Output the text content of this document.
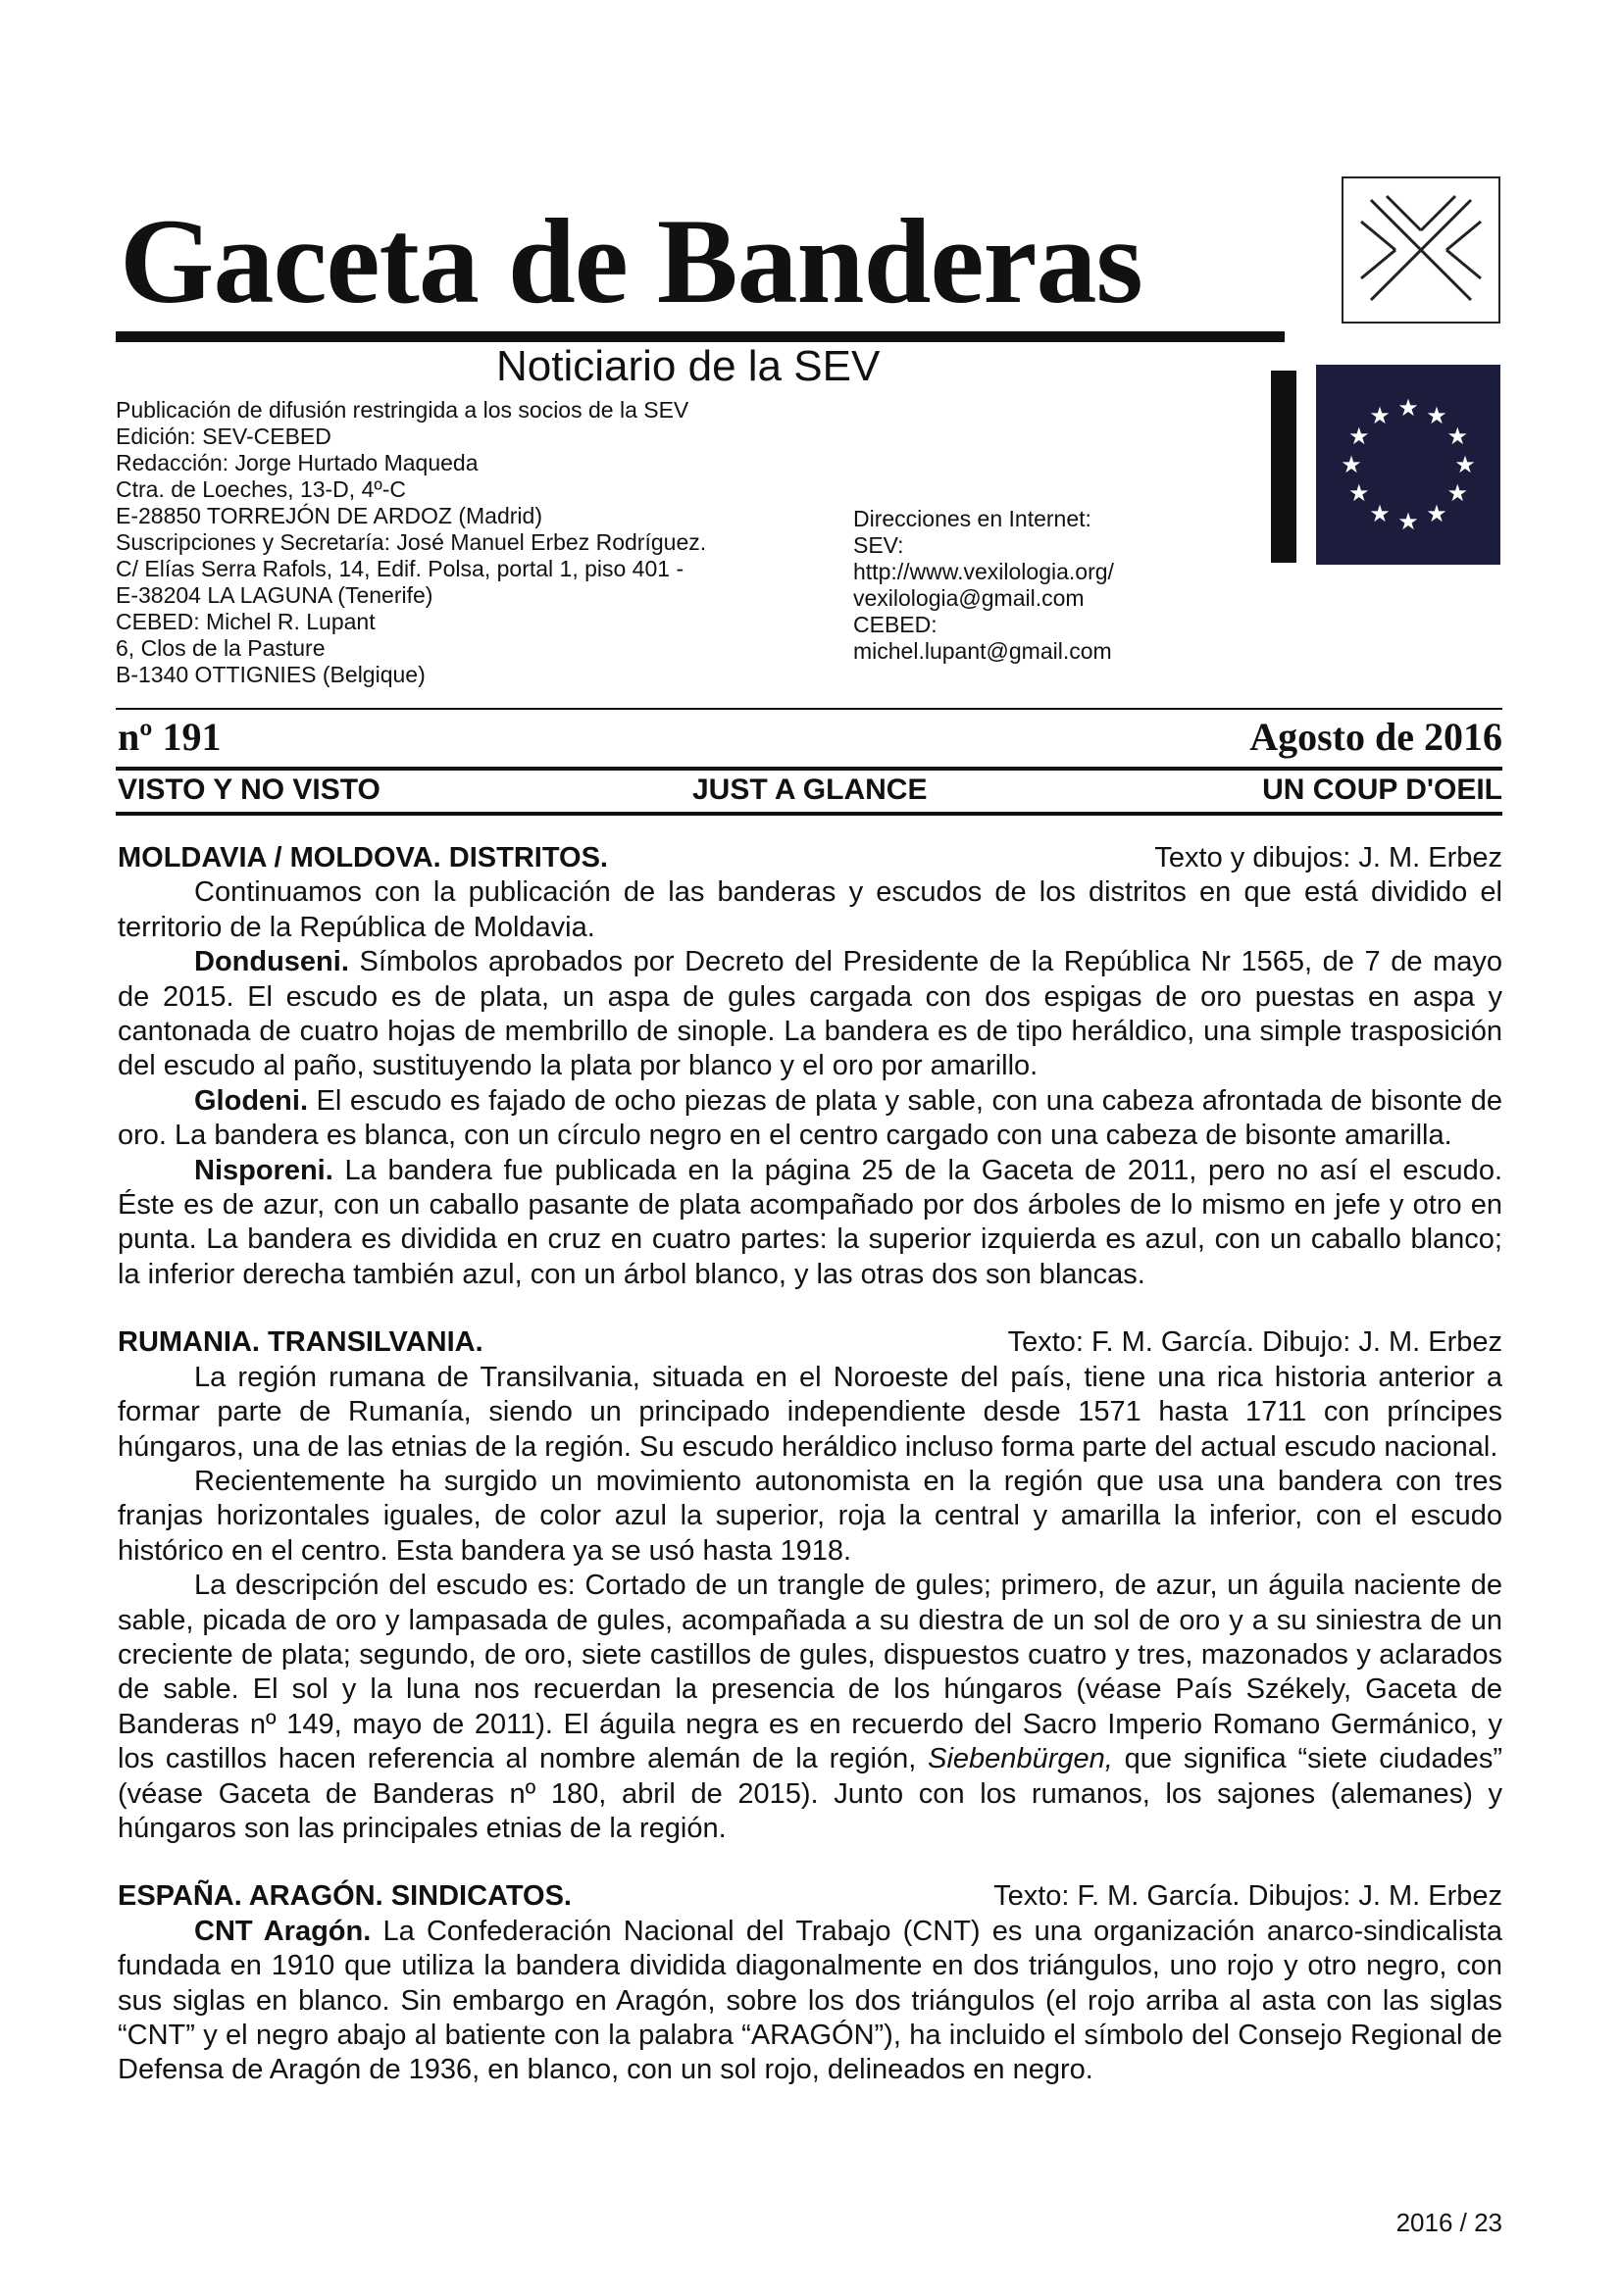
Gaceta de Banderas
Noticiario de la SEV
★ ★
★
★
★
★
★
★
★
★
★
★
Publicación de difusión restringida a los socios de la SEV
Edición: SEV-CEBED
Redacción: Jorge Hurtado Maqueda
Ctra. de Loeches, 13-D, 4º-C
E-28850 TORREJÓN DE ARDOZ (Madrid)
Suscripciones y Secretaría: José Manuel Erbez Rodríguez.
C/ Elías Serra Rafols, 14, Edif. Polsa, portal 1, piso 401 -
E-38204 LA LAGUNA (Tenerife)
CEBED: Michel R. Lupant
6, Clos de la Pasture
B-1340 OTTIGNIES (Belgique)
Direcciones en Internet:
SEV:
http://www.vexilologia.org/
vexilologia@gmail.com
CEBED:
michel.lupant@gmail.com
nº 191	Agosto de 2016
VISTO Y NO VISTO	JUST A GLANCE	UN COUP D'OEIL
MOLDAVIA / MOLDOVA. DISTRITOS.	Texto y dibujos: J. M. Erbez

Continuamos con la publicación de las banderas y escudos de los distritos en que está dividido el territorio de la República de Moldavia.

Donduseni. Símbolos aprobados por Decreto del Presidente de la República Nr 1565, de 7 de mayo de 2015. El escudo es de plata, un aspa de gules cargada con dos espigas de oro puestas en aspa y cantonada de cuatro hojas de membrillo de sinople. La bandera es de tipo heráldico, una simple trasposición del escudo al paño, sustituyendo la plata por blanco y el oro por amarillo.

Glodeni. El escudo es fajado de ocho piezas de plata y sable, con una cabeza afrontada de bisonte de oro. La bandera es blanca, con un círculo negro en el centro cargado con una cabeza de bisonte amarilla.

Nisporeni. La bandera fue publicada en la página 25 de la Gaceta de 2011, pero no así el escudo. Éste es de azur, con un caballo pasante de plata acompañado por dos árboles de lo mismo en jefe y otro en punta. La bandera es dividida en cruz en cuatro partes: la superior izquierda es azul, con un caballo blanco; la inferior derecha también azul, con un árbol blanco, y las otras dos son blancas.

RUMANIA. TRANSILVANIA.	Texto: F. M. García. Dibujo: J. M. Erbez

La región rumana de Transilvania, situada en el Noroeste del país, tiene una rica historia anterior a formar parte de Rumanía, siendo un principado independiente desde 1571 hasta 1711 con príncipes húngaros, una de las etnias de la región. Su escudo heráldico incluso forma parte del actual escudo nacional.

Recientemente ha surgido un movimiento autonomista en la región que usa una bandera con tres franjas horizontales iguales, de color azul la superior, roja la central y amarilla la inferior, con el escudo histórico en el centro. Esta bandera ya se usó hasta 1918.

La descripción del escudo es: Cortado de un trangle de gules; primero, de azur, un águila naciente de sable, picada de oro y lampasada de gules, acompañada a su diestra de un sol de oro y a su siniestra de un creciente de plata; segundo, de oro, siete castillos de gules, dispuestos cuatro y tres, mazonados y aclarados de sable. El sol y la luna nos recuerdan la presencia de los húngaros (véase País Székely, Gaceta de Banderas nº 149, mayo de 2011). El águila negra es en recuerdo del Sacro Imperio Romano Germánico, y los castillos hacen referencia al nombre alemán de la región, Siebenbürgen, que significa “siete ciudades” (véase Gaceta de Banderas nº 180, abril de 2015). Junto con los rumanos, los sajones (alemanes) y húngaros son las principales etnias de la región.

ESPAÑA. ARAGÓN. SINDICATOS.	Texto: F. M. García. Dibujos: J. M. Erbez

CNT Aragón. La Confederación Nacional del Trabajo (CNT) es una organización anarco-sindicalista fundada en 1910 que utiliza la bandera dividida diagonalmente en dos triángulos, uno rojo y otro negro, con sus siglas en blanco. Sin embargo en Aragón, sobre los dos triángulos (el rojo arriba al asta con las siglas “CNT” y el negro abajo al batiente con la palabra “ARAGÓN”), ha incluido el símbolo del Consejo Regional de Defensa de Aragón de 1936, en blanco, con un sol rojo, delineados en negro.

2016 / 23
